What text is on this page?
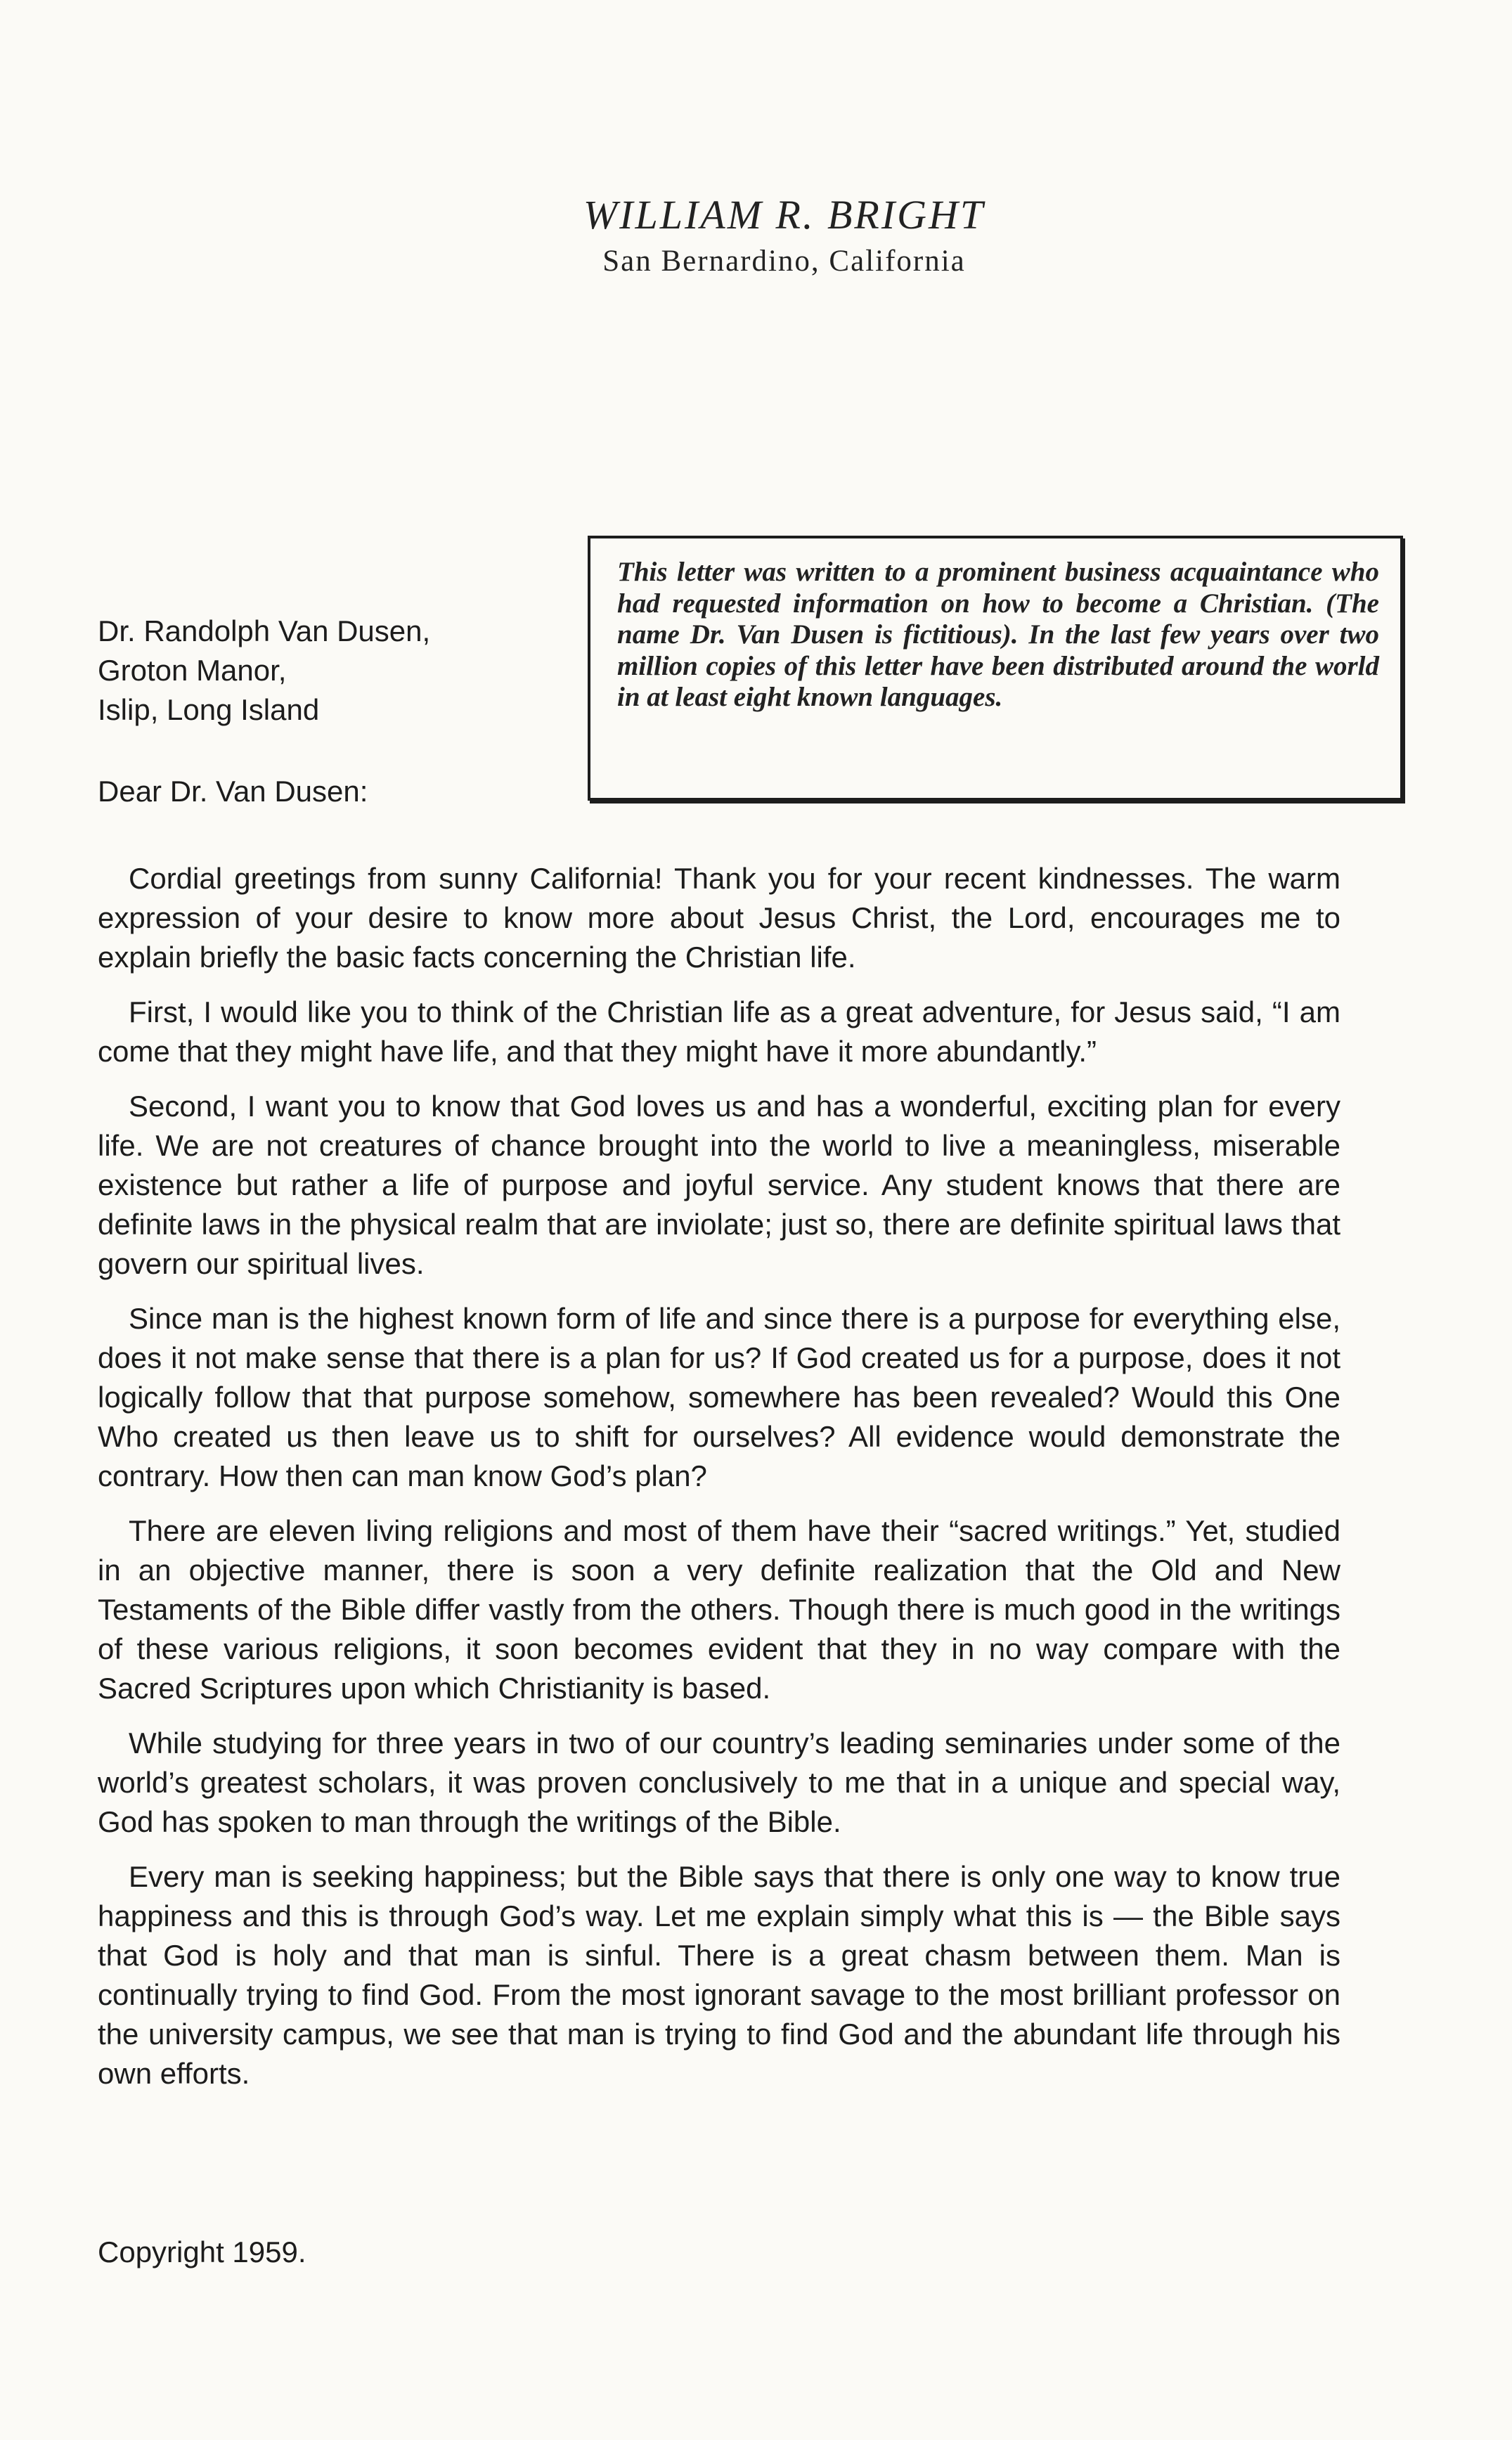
WILLIAM R. BRIGHT
San Bernardino, California
Dr. Randolph Van Dusen,
Groton Manor,
Islip, Long Island
Dear Dr. Van Dusen:
This letter was written to a prominent business acquaintance who had requested information on how to become a Christian. (The name Dr. Van Dusen is fictitious). In the last few years over two million copies of this letter have been distributed around the world in at least eight known languages.

Cordial greetings from sunny California! Thank you for your recent kindnesses. The warm expression of your desire to know more about Jesus Christ, the Lord, encourages me to explain briefly the basic facts concerning the Christian life.

First, I would like you to think of the Christian life as a great adventure, for Jesus said, “I am come that they might have life, and that they might have it more abundantly.”

Second, I want you to know that God loves us and has a wonderful, exciting plan for every life. We are not creatures of chance brought into the world to live a meaningless, miserable existence but rather a life of purpose and joyful service. Any student knows that there are definite laws in the physical realm that are inviolate; just so, there are definite spiritual laws that govern our spiritual lives.

Since man is the highest known form of life and since there is a purpose for everything else, does it not make sense that there is a plan for us? If God created us for a purpose, does it not logically follow that that purpose somehow, somewhere has been revealed? Would this One Who created us then leave us to shift for ourselves? All evidence would demonstrate the contrary. How then can man know God’s plan?

There are eleven living religions and most of them have their “sacred writings.” Yet, studied in an objective manner, there is soon a very definite realization that the Old and New Testaments of the Bible differ vastly from the others. Though there is much good in the writings of these various religions, it soon becomes evident that they in no way compare with the Sacred Scriptures upon which Christianity is based.

While studying for three years in two of our country’s leading seminaries under some of the world’s greatest scholars, it was proven conclusively to me that in a unique and special way, God has spoken to man through the writings of the Bible.

Every man is seeking happiness; but the Bible says that there is only one way to know true happiness and this is through God’s way. Let me explain simply what this is — the Bible says that God is holy and that man is sinful. There is a great chasm between them. Man is continually trying to find God. From the most ignorant savage to the most brilliant professor on the university campus, we see that man is trying to find God and the abundant life through his own efforts.

Copyright 1959.
